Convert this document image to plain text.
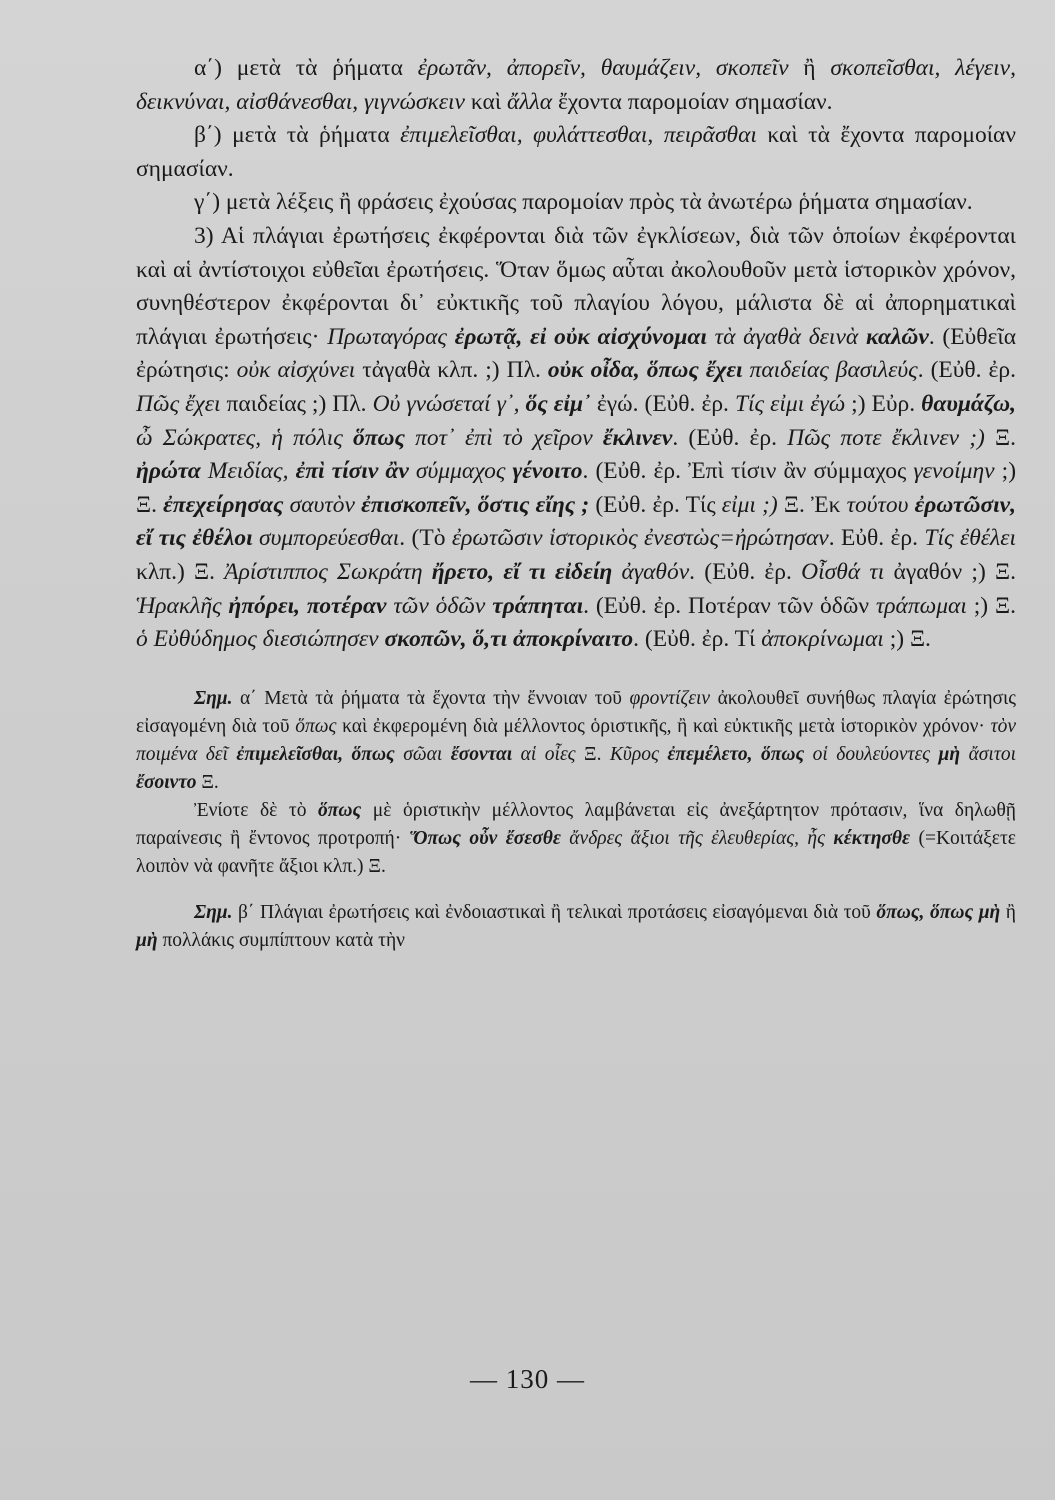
α΄) μετὰ τὰ ῥήματα ἐρωτᾶν, ἀπορεῖν, θαυμάζειν, σκοπεῖν ἢ σκοπεῖσθαι, λέγειν, δεικνύναι, αἰσθάνεσθαι, γιγνώσκειν καὶ ἄλλα ἔχοντα παρομοίαν σημασίαν.

β΄) μετὰ τὰ ῥήματα ἐπιμελεῖσθαι, φυλάττεσθαι, πειρᾶσθαι καὶ τὰ ἔχοντα παρομοίαν σημασίαν.

γ΄) μετὰ λέξεις ἢ φράσεις ἐχούσας παρομοίαν πρὸς τὰ ἀνωτέρω ῥήματα σημασίαν.

3) Αἱ πλάγιαι ἐρωτήσεις ἐκφέρονται διὰ τῶν ἐγκλίσεων, διὰ τῶν ὁποίων ἐκφέρονται καὶ αἱ ἀντίστοιχοι εὐθεῖαι ἐρωτήσεις. Ὅταν ὅμως αὗται ἀκολουθοῦν μετὰ ἱστορικὸν χρόνον, συνηθέστερον ἐκφέρονται δι᾿ εὐκτικῆς τοῦ πλαγίου λόγου, μάλιστα δὲ αἱ ἀπορηματικαὶ πλάγιαι ἐρωτήσεις· Πρωταγόρας ἐρωτᾷ, εἰ οὐκ αἰσχύνομαι τὰ ἀγαθὰ δεινὰ καλῶν. (Εὐθεῖα ἐρώτησις: οὐκ αἰσχύνει τἀγαθὰ κλπ. ;) Πλ. οὐκ οἶδα, ὅπως ἔχει παιδείας βασιλεύς. (Εὐθ. ἐρ. Πῶς ἔχει παιδείας ;) Πλ. Οὐ γνώσεταί γ᾿, ὅς εἰμ᾿ ἐγώ. (Εὐθ. ἐρ. Τίς εἰμι ἐγώ ;) Εὐρ. θαυμάζω, ὦ Σώκρατες, ἡ πόλις ὅπως ποτ᾿ ἐπὶ τὸ χεῖρον ἔκλινεν. (Εὐθ. ἐρ. Πῶς ποτε ἔκλινεν ;) Ξ. ἠρώτα Μειδίας, ἐπὶ τίσιν ἂν σύμμαχος γένοιτο. (Εὐθ. ἐρ. Ἐπὶ τίσιν ἂν σύμμαχος γενοίμην ;) Ξ. ἐπεχείρησας σαυτὸν ἐπισκοπεῖν, ὅστις εἴης ; (Εὐθ. ἐρ. Τίς εἰμι ;) Ξ. Ἐκ τούτου ἐρωτῶσιν, εἴ τις ἐθέλοι συμπορεύεσθαι. (Τὸ ἐρωτῶσιν ἱστορικὸς ἐνεστὼς=ἠρώτησαν. Εὐθ. ἐρ. Τίς ἐθέλει κλπ.) Ξ. Ἀρίστιππος Σωκράτη ἤρετο, εἴ τι εἰδείη ἀγαθόν. (Εὐθ. ἐρ. Οἶσθά τι ἀγαθόν ;) Ξ. Ἡρακλῆς ἠπόρει, ποτέραν τῶν ὁδῶν τράπηται. (Εὐθ. ἐρ. Ποτέραν τῶν ὁδῶν τράπωμαι ;) Ξ. ὁ Εὐθύδημος διεσιώπησεν σκοπῶν, ὅ,τι ἀποκρίναιτο. (Εὐθ. ἐρ. Τί ἀποκρίνωμαι ;) Ξ.

Σημ. α΄ Μετὰ τὰ ῥήματα τὰ ἔχοντα τὴν ἔννοιαν τοῦ φροντίζειν ἀκολουθεῖ συνήθως πλαγία ἐρώτησις εἰσαγομένη διὰ τοῦ ὅπως καὶ ἐκφερομένη διὰ μέλλοντος ὁριστικῆς, ἢ καὶ εὐκτικῆς μετὰ ἱστορικὸν χρόνον· τὸν ποιμένα δεῖ ἐπιμελεῖσθαι, ὅπως σῶαι ἔσονται αἱ οἶες Ξ. Κῦρος ἐπεμέλετο, ὅπως οἱ δουλεύοντες μὴ ἄσιτοι ἔσοιντο Ξ.

Ἐνίοτε δὲ τὸ ὅπως μὲ ὁριστικὴν μέλλοντος λαμβάνεται εἰς ἀνεξάρτητον πρότασιν, ἵνα δηλωθῇ παραίνεσις ἢ ἔντονος προτροπή· Ὅπως οὖν ἔσεσθε ἄνδρες ἄξιοι τῆς ἐλευθερίας, ἧς κέκτησθε (=Κοιτάξετε λοιπὸν νὰ φανῆτε ἄξιοι κλπ.) Ξ.

Σημ. β΄ Πλάγιαι ἐρωτήσεις καὶ ἐνδοιαστικαὶ ἢ τελικαὶ προτάσεις εἰσαγόμεναι διὰ τοῦ ὅπως, ὅπως μὴ ἢ μὴ πολλάκις συμπίπτουν κατὰ τὴν

— 130 —
